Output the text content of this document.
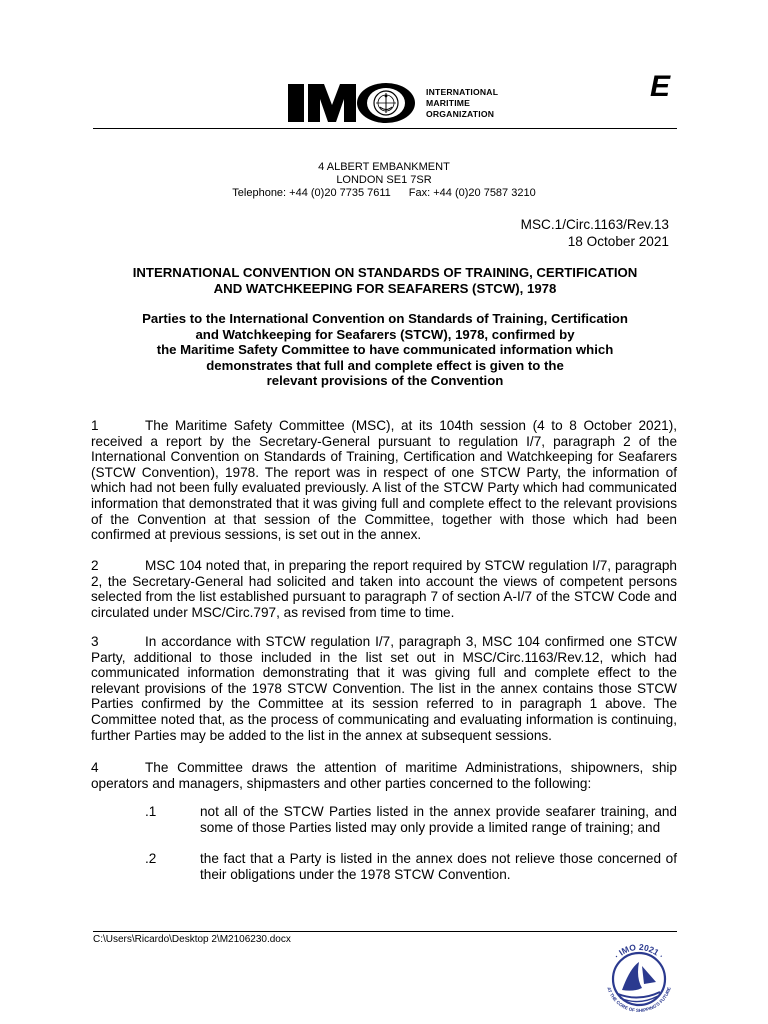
INTERNATIONAL
MARITIME
ORGANIZATION
E
4 ALBERT EMBANKMENT
LONDON SE1 7SR
Telephone: +44 (0)20 7735 7611 Fax: +44 (0)20 7587 3210
MSC.1/Circ.1163/Rev.13
18 October 2021
INTERNATIONAL CONVENTION ON STANDARDS OF TRAINING, CERTIFICATION
AND WATCHKEEPING FOR SEAFARERS (STCW), 1978
Parties to the International Convention on Standards of Training, Certification
and Watchkeeping for Seafarers (STCW), 1978, confirmed by
the Maritime Safety Committee to have communicated information which
demonstrates that full and complete effect is given to the
relevant provisions of the Convention
1	The Maritime Safety Committee (MSC), at its 104th session (4 to 8 October 2021), received a report by the Secretary-General pursuant to regulation I/7, paragraph 2 of the International Convention on Standards of Training, Certification and Watchkeeping for Seafarers (STCW Convention), 1978. The report was in respect of one STCW Party, the information of which had not been fully evaluated previously. A list of the STCW Party which had communicated information that demonstrated that it was giving full and complete effect to the relevant provisions of the Convention at that session of the Committee, together with those which had been confirmed at previous sessions, is set out in the annex.
2	MSC 104 noted that, in preparing the report required by STCW regulation I/7, paragraph 2, the Secretary-General had solicited and taken into account the views of competent persons selected from the list established pursuant to paragraph 7 of section A-I/7 of the STCW Code and circulated under MSC/Circ.797, as revised from time to time.
3	In accordance with STCW regulation I/7, paragraph 3, MSC 104 confirmed one STCW Party, additional to those included in the list set out in MSC/Circ.1163/Rev.12, which had communicated information demonstrating that it was giving full and complete effect to the relevant provisions of the 1978 STCW Convention. The list in the annex contains those STCW Parties confirmed by the Committee at its session referred to in paragraph 1 above. The Committee noted that, as the process of communicating and evaluating information is continuing, further Parties may be added to the list in the annex at subsequent sessions.
4	The Committee draws the attention of maritime Administrations, shipowners, ship operators and managers, shipmasters and other parties concerned to the following:
.1	not all of the STCW Parties listed in the annex provide seafarer training, and some of those Parties listed may only provide a limited range of training; and
.2	the fact that a Party is listed in the annex does not relieve those concerned of their obligations under the 1978 STCW Convention.
C:\Users\Ricardo\Desktop 2\M2106230.docx
· IMO 2021 ·
AT THE CORE OF SHIPPING'S FUTURE
